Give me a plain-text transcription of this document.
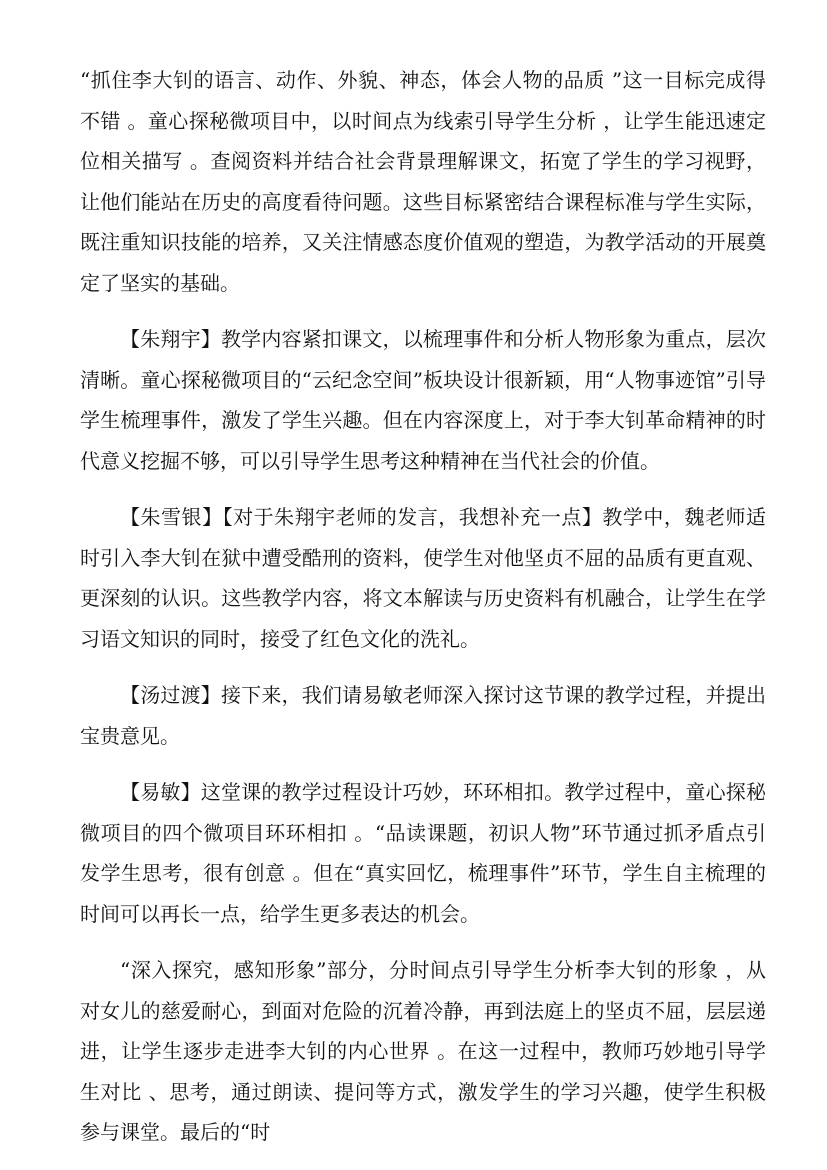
“抓住李大钊的语言、动作、外貌、神态，体会人物的品质 ”这一目标完成得不错 。童心探秘微项目中，以时间点为线索引导学生分析 ，让学生能迅速定位相关描写 。查阅资料并结合社会背景理解课文，拓宽了学生的学习视野，让他们能站在历史的高度看待问题。这些目标紧密结合课程标准与学生实际，既注重知识技能的培养，又关注情感态度价值观的塑造，为教学活动的开展奠定了坚实的基础。

【朱翔宇】教学内容紧扣课文，以梳理事件和分析人物形象为重点，层次清晰。童心探秘微项目的“云纪念空间”板块设计很新颖，用“人物事迹馆”引导学生梳理事件，激发了学生兴趣。但在内容深度上，对于李大钊革命精神的时代意义挖掘不够，可以引导学生思考这种精神在当代社会的价值。

【朱雪银】【对于朱翔宇老师的发言，我想补充一点】教学中，魏老师适时引入李大钊在狱中遭受酷刑的资料，使学生对他坚贞不屈的品质有更直观、更深刻的认识。这些教学内容，将文本解读与历史资料有机融合，让学生在学习语文知识的同时，接受了红色文化的洗礼。

【汤过渡】接下来，我们请易敏老师深入探讨这节课的教学过程，并提出宝贵意见。

【易敏】这堂课的教学过程设计巧妙，环环相扣。教学过程中，童心探秘微项目的四个微项目环环相扣 。“品读课题，初识人物”环节通过抓矛盾点引发学生思考，很有创意 。但在“真实回忆，梳理事件”环节，学生自主梳理的时间可以再长一点，给学生更多表达的机会。

“深入探究，感知形象”部分，分时间点引导学生分析李大钊的形象 ，从对女儿的慈爱耐心，到面对危险的沉着冷静，再到法庭上的坚贞不屈，层层递进，让学生逐步走进李大钊的内心世界 。在这一过程中，教师巧妙地引导学生对比 、思考，通过朗读、提问等方式，激发学生的学习兴趣，使学生积极参与课堂。最后的“时
